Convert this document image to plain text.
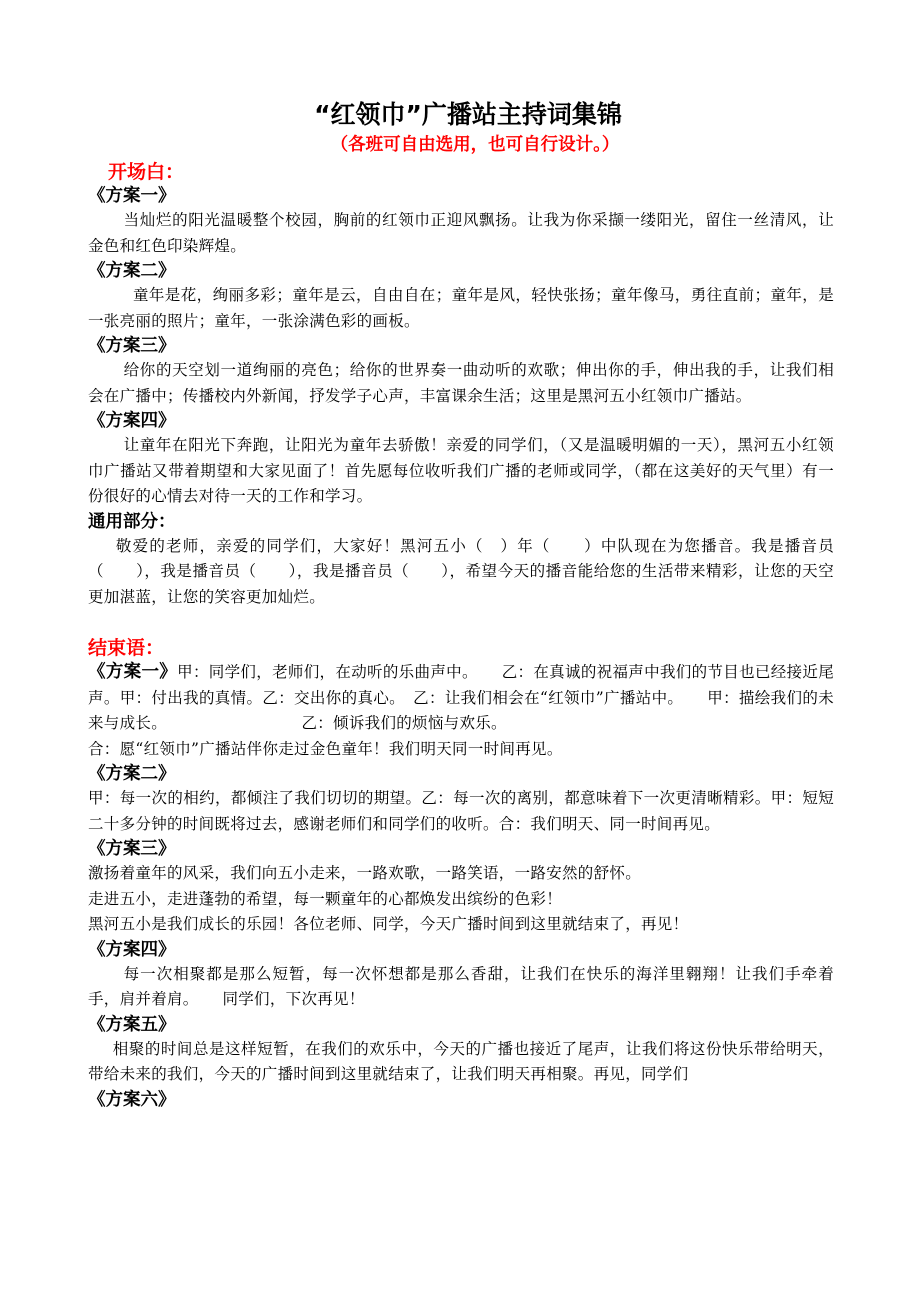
“红领巾”广播站主持词集锦
（各班可自由选用，也可自行设计。）
开场白：
《方案一》

当灿烂的阳光温暖整个校园，胸前的红领巾正迎风飘扬。让我为你采撷一缕阳光，留住一丝清风，让金色和红色印染辉煌。

《方案二》

童年是花，绚丽多彩；童年是云，自由自在；童年是风，轻快张扬；童年像马，勇往直前；童年，是一张亮丽的照片；童年，一张涂满色彩的画板。

《方案三》

给你的天空划一道绚丽的亮色；给你的世界奏一曲动听的欢歌；伸出你的手，伸出我的手，让我们相会在广播中；传播校内外新闻，抒发学子心声，丰富课余生活；这里是黑河五小红领巾广播站。

《方案四》

让童年在阳光下奔跑，让阳光为童年去骄傲！亲爱的同学们，（又是温暖明媚的一天），黑河五小红领巾广播站又带着期望和大家见面了！首先愿每位收听我们广播的老师或同学，（都在这美好的天气里）有一份很好的心情去对待一天的工作和学习。

通用部分：

敬爱的老师，亲爱的同学们，大家好！黑河五小（　）年（　　）中队现在为您播音。我是播音员（　　），我是播音员（　　），我是播音员（　　），希望今天的播音能给您的生活带来精彩，让您的天空更加湛蓝，让您的笑容更加灿烂。

结束语：

《方案一》甲：同学们，老师们，在动听的乐曲声中。　　乙：在真诚的祝福声中我们的节目也已经接近尾声。甲：付出我的真情。乙：交出你的真心。　乙：让我们相会在“红领巾”广播站中。　　甲：描绘我们的未来与成长。　　　　　　　　　乙：倾诉我们的烦恼与欢乐。

合：愿“红领巾”广播站伴你走过金色童年！我们明天同一时间再见。

《方案二》

甲：每一次的相约，都倾注了我们切切的期望。乙：每一次的离别，都意味着下一次更清晰精彩。甲：短短二十多分钟的时间既将过去，感谢老师们和同学们的收听。合：我们明天、同一时间再见。

《方案三》

激扬着童年的风采，我们向五小走来，一路欢歌，一路笑语，一路安然的舒怀。

走进五小，走进蓬勃的希望，每一颗童年的心都焕发出缤纷的色彩！

黑河五小是我们成长的乐园！各位老师、同学，今天广播时间到这里就结束了，再见！

《方案四》

每一次相聚都是那么短暂，每一次怀想都是那么香甜，让我们在快乐的海洋里翱翔！让我们手牵着手，肩并着肩。　　同学们，下次再见！

《方案五》

相聚的时间总是这样短暂，在我们的欢乐中，今天的广播也接近了尾声，让我们将这份快乐带给明天，带给未来的我们，今天的广播时间到这里就结束了，让我们明天再相聚。再见，同学们

《方案六》
